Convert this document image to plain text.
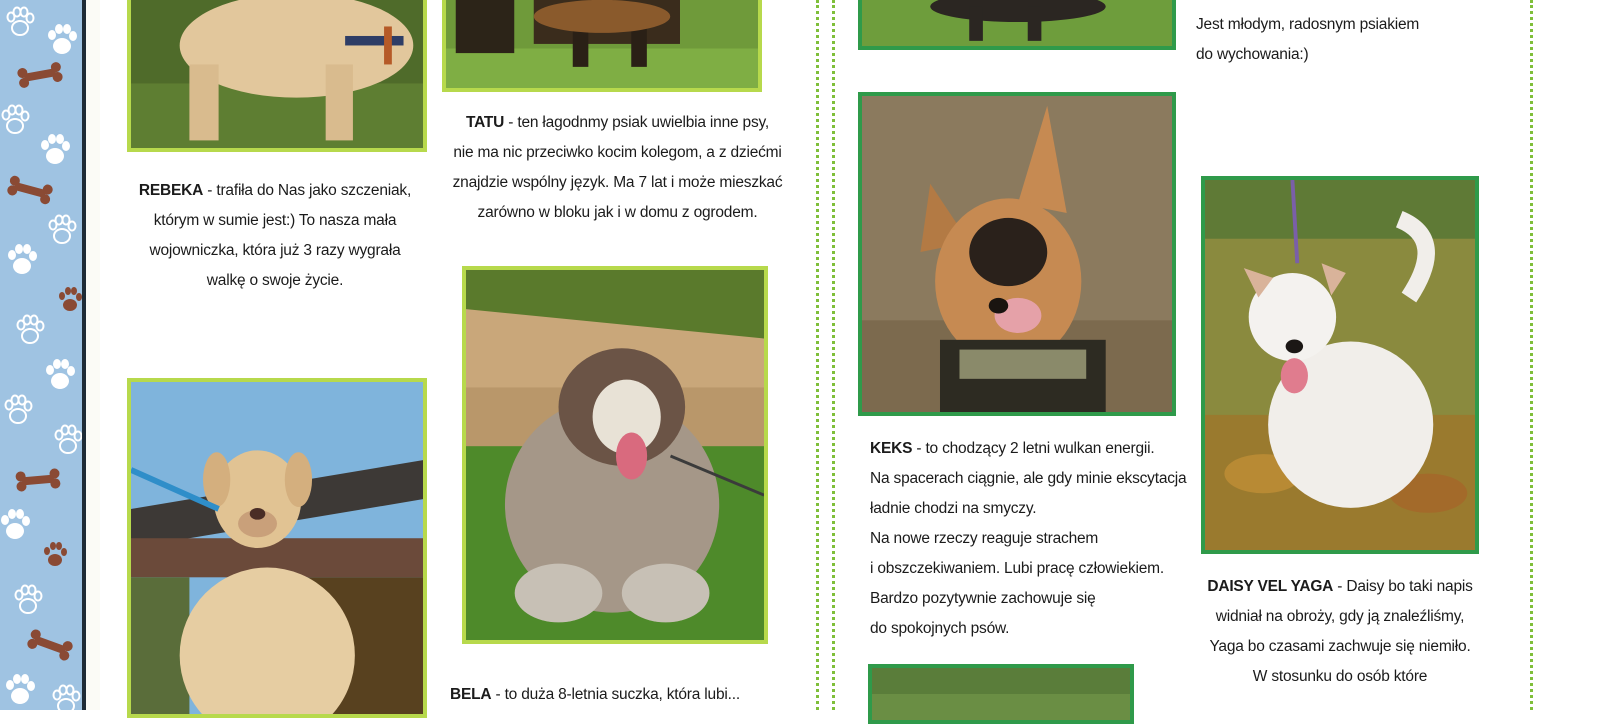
REBEKA - trafiła do Nas jako szczeniak,

którym w sumie jest:) To nasza mała

wojowniczka, która już 3 razy wygrała

walkę o swoje życie.

TATU - ten łagodnmy psiak uwielbia inne psy,

nie ma nic przeciwko kocim kolegom, a z dziećmi

znajdzie wspólny język. Ma 7 lat i może mieszkać

zarówno w bloku jak i w domu z ogrodem.

BELA - to duża 8-letnia suczka, która lubi...

KEKS - to chodzący 2 letni wulkan energii.

Na spacerach ciągnie, ale gdy minie ekscytacja

ładnie chodzi na smyczy.

Na nowe rzeczy reaguje strachem

i obszczekiwaniem. Lubi pracę człowiekiem.

Bardzo pozytywnie zachowuje się

do spokojnych psów.

Jest młodym, radosnym psiakiem

do wychowania:)

DAISY VEL YAGA - Daisy bo taki napis

widniał na obroży, gdy ją znaleźliśmy,

Yaga bo czasami zachwuje się niemiło.

W stosunku do osób które
